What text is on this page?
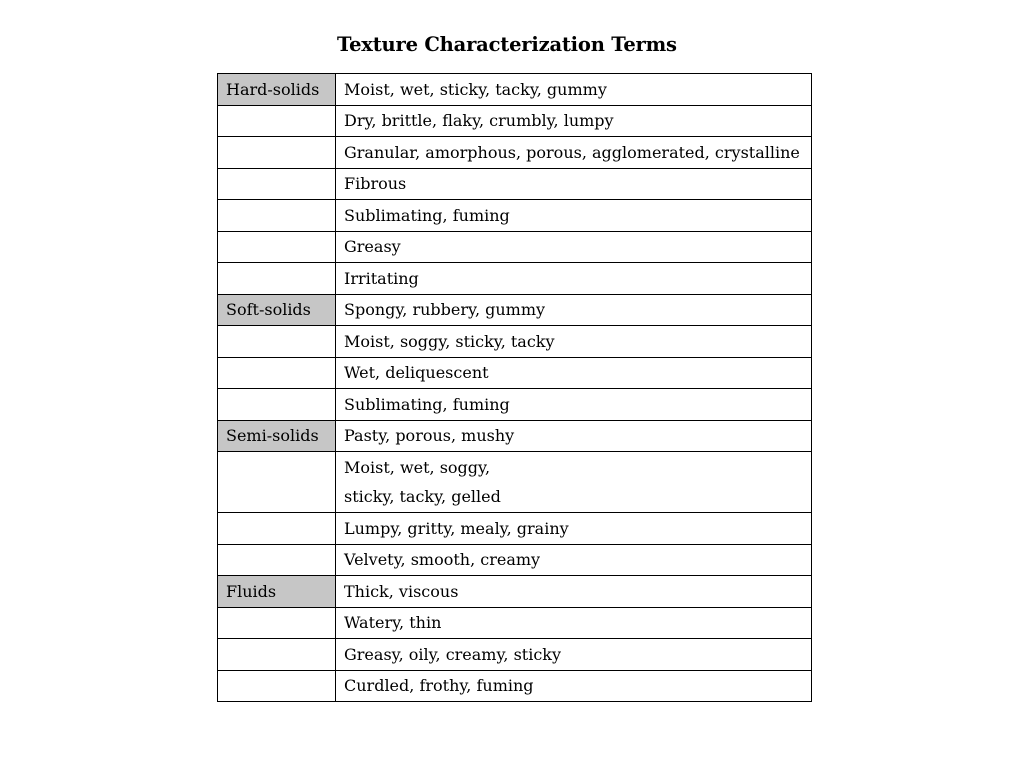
Texture Characterization Terms
Hard-solids	Moist, wet, sticky, tacky, gummy

	Dry, brittle, flaky, crumbly, lumpy

	Granular, amorphous, porous, agglomerated, crystalline

	Fibrous

	Sublimating, fuming

	Greasy

	Irritating

Soft-solids	Spongy, rubbery, gummy

	Moist, soggy, sticky, tacky

	Wet, deliquescent

	Sublimating, fuming

Semi-solids	Pasty, porous, mushy

	Moist, wet, soggy,
sticky, tacky, gelled

	Lumpy, gritty, mealy, grainy

	Velvety, smooth, creamy

Fluids	Thick, viscous

	Watery, thin

	Greasy, oily, creamy, sticky

	Curdled, frothy, fuming
